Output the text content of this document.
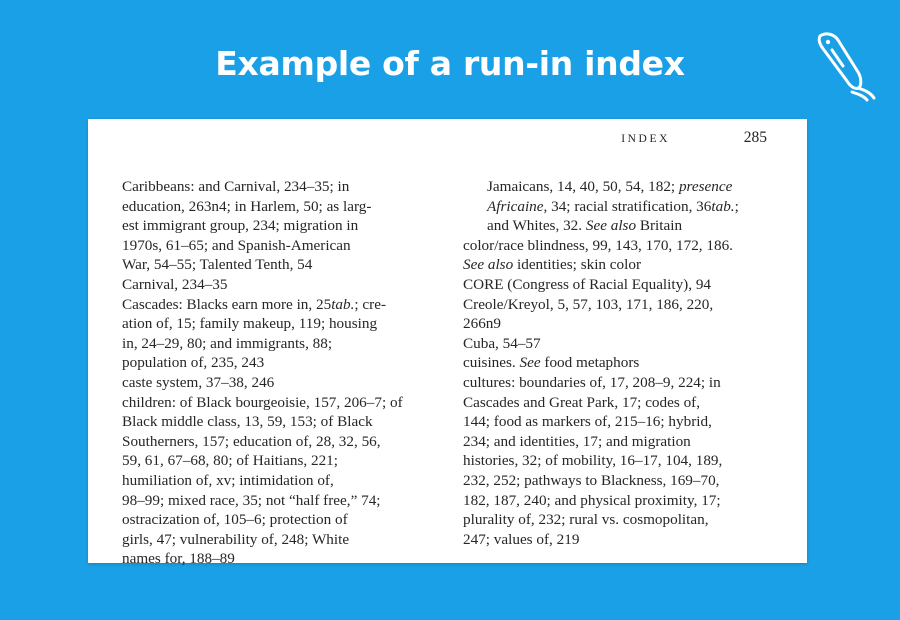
Example of a run-in index
INDEX	285
Caribbeans: and Carnival, 234–35; in
education, 263n4; in Harlem, 50; as larg-
est immigrant group, 234; migration in
1970s, 61–65; and Spanish-American
War, 54–55; Talented Tenth, 54
Carnival, 234–35
Cascades: Blacks earn more in, 25tab.; cre-
ation of, 15; family makeup, 119; housing
in, 24–29, 80; and immigrants, 88;
population of, 235, 243
caste system, 37–38, 246
children: of Black bourgeoisie, 157, 206–7; of
Black middle class, 13, 59, 153; of Black
Southerners, 157; education of, 28, 32, 56,
59, 61, 67–68, 80; of Haitians, 221;
humiliation of, xv; intimidation of,
98–99; mixed race, 35; not “half free,” 74;
ostracization of, 105–6; protection of
girls, 47; vulnerability of, 248; White
names for, 188–89
Jamaicans, 14, 40, 50, 54, 182; presence
Africaine, 34; racial stratification, 36tab.;
and Whites, 32. See also Britain
color/race blindness, 99, 143, 170, 172, 186.
See also identities; skin color
CORE (Congress of Racial Equality), 94
Creole/Kreyol, 5, 57, 103, 171, 186, 220,
266n9
Cuba, 54–57
cuisines. See food metaphors
cultures: boundaries of, 17, 208–9, 224; in
Cascades and Great Park, 17; codes of,
144; food as markers of, 215–16; hybrid,
234; and identities, 17; and migration
histories, 32; of mobility, 16–17, 104, 189,
232, 252; pathways to Blackness, 169–70,
182, 187, 240; and physical proximity, 17;
plurality of, 232; rural vs. cosmopolitan,
247; values of, 219
